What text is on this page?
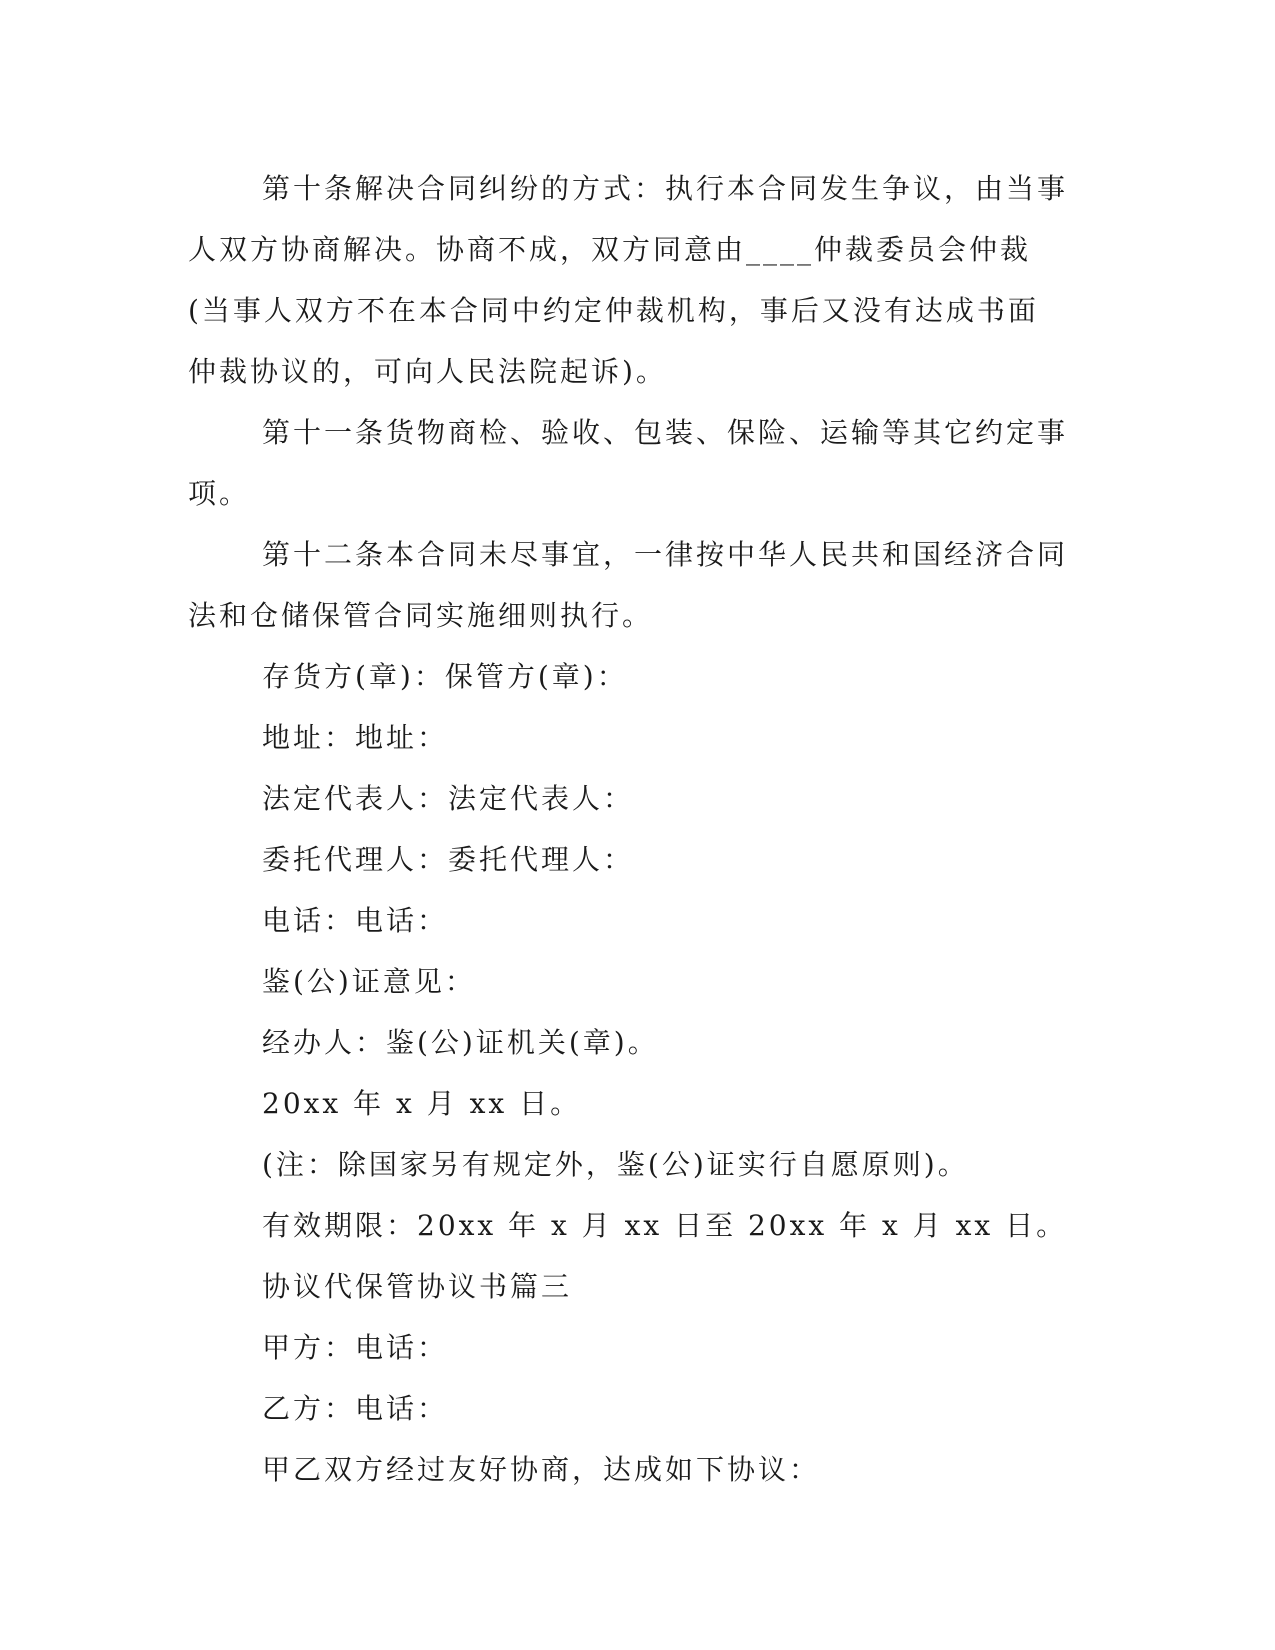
第十条解决合同纠纷的方式：执行本合同发生争议，由当事人双方协商解决。协商不成，双方同意由____仲裁委员会仲裁(当事人双方不在本合同中约定仲裁机构，事后又没有达成书面仲裁协议的，可向人民法院起诉)。

第十一条货物商检、验收、包装、保险、运输等其它约定事项。

第十二条本合同未尽事宜，一律按中华人民共和国经济合同法和仓储保管合同实施细则执行。

存货方(章)：保管方(章)：

地址：地址：

法定代表人：法定代表人：

委托代理人：委托代理人：

电话：电话：

鉴(公)证意见：

经办人：鉴(公)证机关(章)。

20xx 年 x 月 xx 日。

(注：除国家另有规定外，鉴(公)证实行自愿原则)。

有效期限：20xx 年 x 月 xx 日至 20xx 年 x 月 xx 日。

协议代保管协议书篇三

甲方：电话：

乙方：电话：

甲乙双方经过友好协商，达成如下协议：
